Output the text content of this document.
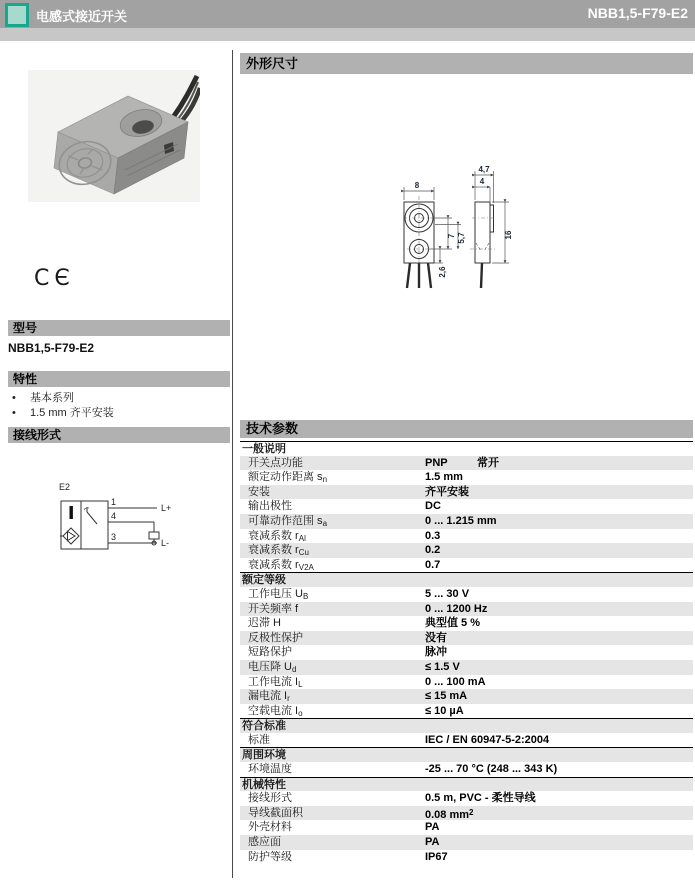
电感式接近开关	NBB1,5-F79-E2
CЄ
型号
NBB1,5-F79-E2
特性
• 基本系列
• 1.5 mm 齐平安装
接线形式
E2
1
4
3
L+
L-
外形尺寸
8
7 5,7
2,6
4,7
4
16
技术参数
一般说明
开关点功能	PNP	常开
额定动作距离 $s_n$	1.5 mm
安装	齐平安装
输出极性	DC
可靠动作范围 $s_a$	0 ... 1.215 mm
衰减系数 $r_{Al}$	0.3
衰减系数 $r_{Cu}$	0.2
衰减系数 $r_{V2A}$	0.7
额定等级
工作电压 $U_B$	5 ... 30 V
开关频率 f	0 ... 1200 Hz
迟滞 H	典型值 5 %
反极性保护	没有
短路保护	脉冲
电压降 $U_d$	≤ 1.5 V
工作电流 $I_L$	0 ... 100 mA
漏电流 $I_r$	≤ 15 mA
空载电流 $I_o$	≤ 10 µA
符合标准
标准	IEC / EN 60947-5-2:2004
周围环境
环境温度	-25 ... 70 °C (248 ... 343 K)
机械特性
接线形式	0.5 m, PVC - 柔性导线
导线截面积	0.08 $mm^2$
外壳材料	PA
感应面	PA
防护等级	IP67
